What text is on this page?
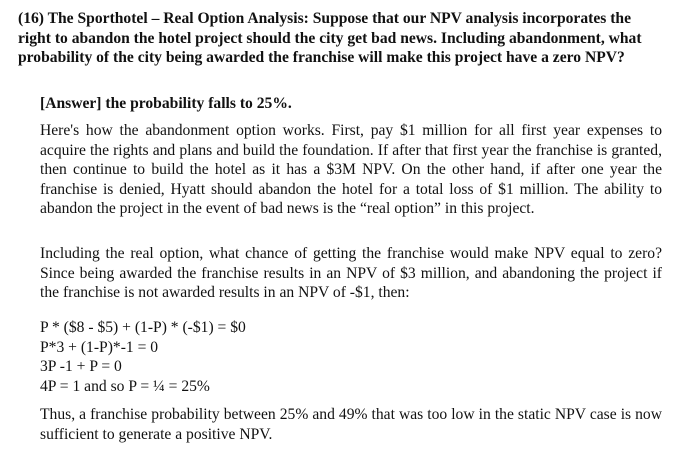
(16) The Sporthotel – Real Option Analysis: Suppose that our NPV analysis incorporates the right to abandon the hotel project should the city get bad news. Including abandonment, what probability of the city being awarded the franchise will make this project have a zero NPV?
[Answer] the probability falls to 25%.
Here's how the abandonment option works. First, pay $1 million for all first year expenses to acquire the rights and plans and build the foundation. If after that first year the franchise is granted, then continue to build the hotel as it has a $3M NPV. On the other hand, if after one year the franchise is denied, Hyatt should abandon the hotel for a total loss of $1 million. The ability to abandon the project in the event of bad news is the “real option” in this project.
Including the real option, what chance of getting the franchise would make NPV equal to zero? Since being awarded the franchise results in an NPV of $3 million, and abandoning the project if the franchise is not awarded results in an NPV of -$1, then:
P * ($8 - $5) + (1-P) * (-$1) = $0
P*3 + (1-P)*-1 = 0
3P -1 + P = 0
4P = 1 and so P = ¼ = 25%
Thus, a franchise probability between 25% and 49% that was too low in the static NPV case is now sufficient to generate a positive NPV.
